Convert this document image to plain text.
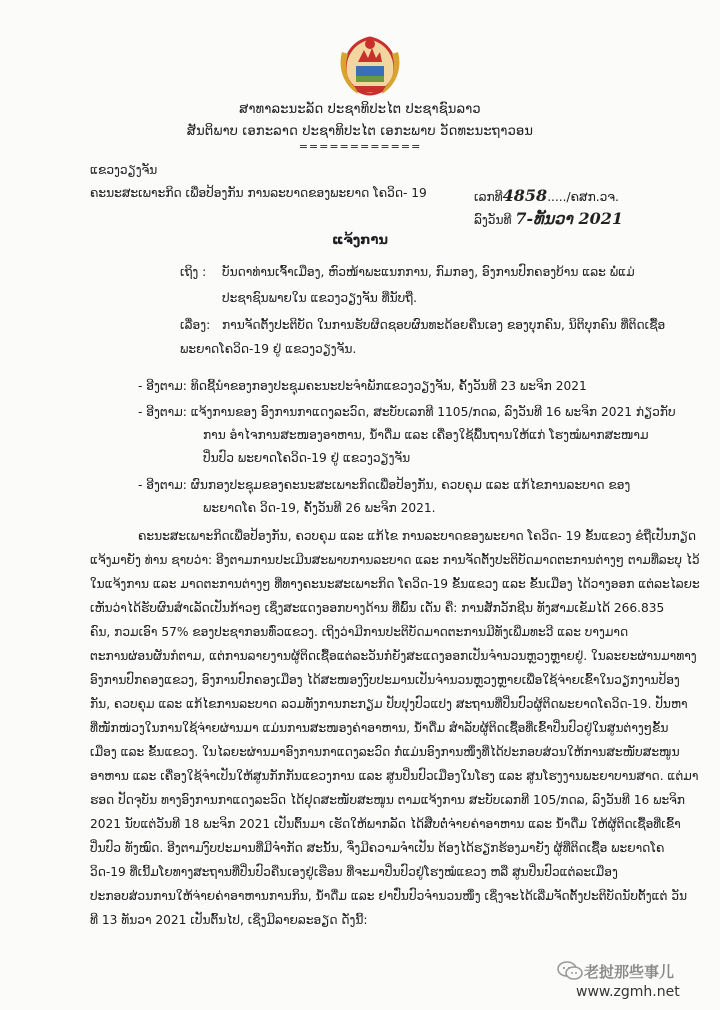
ສາທາລະນະລັດ ປະຊາທິປະໄຕ ປະຊາຊົນລາວ
ສັນຕິພາບ ເອກະລາດ ປະຊາທິປະໄຕ ເອກະພາບ ວັດທະນະຖາວອນ
============
ແຂວງວຽງຈັນ
ຄະນະສະເພາະກິດ ເພື່ອປ້ອງກັນ ການລະບາດຂອງພະຍາດ ໂຄວິດ- 19	ເລກທີ4858...../ຄສກ.ວຈ.
ລົງວັນທີ 7-ທັນວາ 2021
ແຈ້ງການ
ເຖິງ : ບັນດາທ່ານເຈົ້າເມືອງ, ຫົວໜ້າພະແນກການ, ກົມກອງ, ອົງການປົກຄອງບ້ານ ແລະ ພໍ່ແມ່
ປະຊາຊົນພາຍໃນ ແຂວງວຽງຈັນ ທີ່ນັບຖື.
ເລື່ອງ: ການຈັດຕັ້ງປະຕິບັດ ໃນການຮັບຜິດຊອບຜົນທະດ້ອຍຄືນເອງ ຂອງບຸກຄົນ, ນິຕິບຸກຄົນ ທີ່ຕິດເຊື້ອ
ພະຍາດໂຄວິດ-19 ຢູ່ ແຂວງວຽງຈັນ.
- ອີງຕາມ: ທິດຊີ້ນຳຂອງກອງປະຊຸມຄະນະປະຈຳພັກແຂວງວຽງຈັນ, ຄັ້ງວັນທີ 23 ພະຈິກ 2021
- ອີງຕາມ: ແຈ້ງການຂອງ ອົງການກາແດງລະວົດ, ສະບັບເລກທີ 1105/ກດລ, ລົງວັນທີ 16 ພະຈິກ 2021 ກ່ຽວກັບ
ການ ອຳໄຈການສະໜອງອາຫານ, ນ້ຳດື່ມ ແລະ ເຄື່ອງໃຊ້ພື້ນຖານໃຫ້ແກ່ ໂຮງໝໍພາກສະໜາມ
ປິ່ນປົວ ພະຍາດໂຄວິດ-19 ຢູ່ ແຂວງວຽງຈັນ
- ອີງຕາມ: ຜົນກອງປະຊຸມຂອງຄະນະສະເພາະກິດເພື່ອປ້ອງກັນ, ຄວບຄຸມ ແລະ ແກ້ໄຂການລະບາດ ຂອງ
ພະຍາດໂຄ ວິດ-19, ຄັ້ງວັນທີ 26 ພະຈິກ 2021.
ຄະນະສະເພາະກິດເພື່ອປ້ອງກັນ, ຄວບຄຸມ ແລະ ແກ້ໄຂ ການລະບາດຂອງພະຍາດ ໂຄວິດ- 19 ຂັ້ນແຂວງ ຂໍຖືເປັນກຽດ
ແຈ້ງມາຍັງ ທ່ານ ຊາບວ່າ: ອີງຕາມການປະເມີນສະພາບການລະບາດ ແລະ ການຈັດຕັ້ງປະຕິບັດມາດຕະການຕ່າງໆ ຕາມທີ່ລະບຸ ໄວ້
ໃນແຈ້ງການ ແລະ ມາດຕະການຕ່າງໆ ທີ່ທາງຄະນະສະເພາະກິດ ໂຄວິດ-19 ຂັ້ນແຂວງ ແລະ ຂັ້ນເມືອງ ໄດ້ວາງອອກ ແຕ່ລະໄລຍະ
ເຫັນວ່າໄດ້ຮັບຜົນສຳເລັດເປັນກ້າວໆ ເຊິ່ງສະແດງອອກບາງດ້ານ ທີ່ພົ້ນ ເດັ່ນ ຄື: ການສັກວັກຊີນ ທັງສາມເຂັມໄດ້ 266.835
ຄົນ, ກວມເອົາ 57% ຂອງປະຊາກອນທົ່ວແຂວງ. ເຖິງວ່າມີການປະຕິບັດມາດຕະການມີທັງເພີ່ມທະວີ ແລະ ບາງມາດ
ຕະການຜ່ອນຜັນກໍຕາມ, ແຕ່ການລາຍງານຜູ້ຕິດເຊື້ອແຕ່ລະວັນກໍຍັງສະແດງອອກເປັນຈຳນວນຫຼວງຫຼາຍຢູ່. ໃນລະຍະຜ່ານມາທາງ
ອົງການປົກຄອງແຂວງ, ອົງການປົກຄອງເມືອງ ໄດ້ສະໜອງງົບປະມານເປັນຈຳນວນຫຼວງຫຼາຍເພື່ອໃຊ້ຈ່າຍເຂົ້າໃນວຽກງານປ້ອງ
ກັນ, ຄວບຄຸມ ແລະ ແກ້ໄຂການລະບາດ ລວມທັງການກະກຽມ ປັບປຸງປົວແປງ ສະຖານທີ່ປິ່ນປົວຜູ້ຕິດພະຍາດໂຄວິດ-19. ປັນຫາ
ທີ່ໜັກໜ່ວງໃນການໃຊ້ຈ່າຍຜ່ານມາ ແມ່ນການສະໜອງຄ່າອາຫານ, ນ້ຳດື່ມ ສຳລັບຜູ້ຕິດເຊື້ອທີ່ເຂົ້າປິ່ນປົວຢູ່ໃນສູນຕ່າງໆຂັ້ນ
ເມືອງ ແລະ ຂັ້ນແຂວງ. ໃນໄລຍະຜ່ານມາອົງການກາແດງລະວົດ ກໍ່ແມ່ນອົງການໜຶ່ງທີ່ໄດ້ປະກອບສ່ວນໃຫ້ການສະໜັບສະໜູນ
ອາຫານ ແລະ ເຄື່ອງໃຊ້ຈຳເປັນໃຫ້ສູນກັກກັນແຂວງການ ແລະ ສູນປິ່ນປົວເມືອງໃນໂຮງ ແລະ ສູນໂຮງງານພະຍາບານສາດ. ແຕ່ມາ
ຮອດ ປັດຈຸບັນ ທາງອົງການກາແດງລະວົດ ໄດ້ຢຸດສະໜັບສະໜູນ ຕາມແຈ້ງການ ສະບັບເລກທີ 105/ກດລ, ລົງວັນທີ 16 ພະຈິກ
2021 ນັບແຕ່ວັນທີ 18 ພະຈິກ 2021 ເປັນຕົ້ນມາ ເຮັດໃຫ້ພາກລັດ ໄດ້ສືບຕໍ່ຈ່າຍຄ່າອາຫານ ແລະ ນ້ຳດື່ມ ໃຫ້ຜູ້ຕິດເຊື້ອທີ່ເຂົ້າ
ປິ່ນປົວ ທັງໝົດ. ອີງຕາມງົບປະມານທີ່ມີຈຳກັດ ສະນັ້ນ, ຈຶ່ງມີຄວາມຈຳເປັນ ຕ້ອງໄດ້ຮຽກຮ້ອງມາຍັງ ຜູ້ທີ່ຕິດເຊື້ອ ພະຍາດໂຄ
ວິດ-19 ທີ່ເນີ້ມໂຍທາງສະຖານທີ່ປິ່ນປົວຄືນເອງຢູ່ເຮືອນ ທີ່ຈະມາປິ່ນປົວຢູ່ໂຮງໝໍແຂວງ ຫລື ສູນປິ່ນປົວແຕ່ລະເມືອງ
ປະກອບສ່ວນການໃຫ້ຈ່າຍຄ່າອາຫານການກິນ, ນ້ຳດື່ມ ແລະ ຢາປົ່ນປົວຈຳນວນໜຶ່ງ ເຊິ່ງຈະໄດ້ເລີ່ມຈັດຕັ້ງປະຕິບັດນັບຕັ້ງແຕ່ ວັນ
ທີ 13 ທັນວາ 2021 ເປັນຕົ້ນໄປ, ເຊິ່ງມີລາຍລະອຽດ ດັ່ງນີ້:
老挝那些事儿
www.zgmh.net
